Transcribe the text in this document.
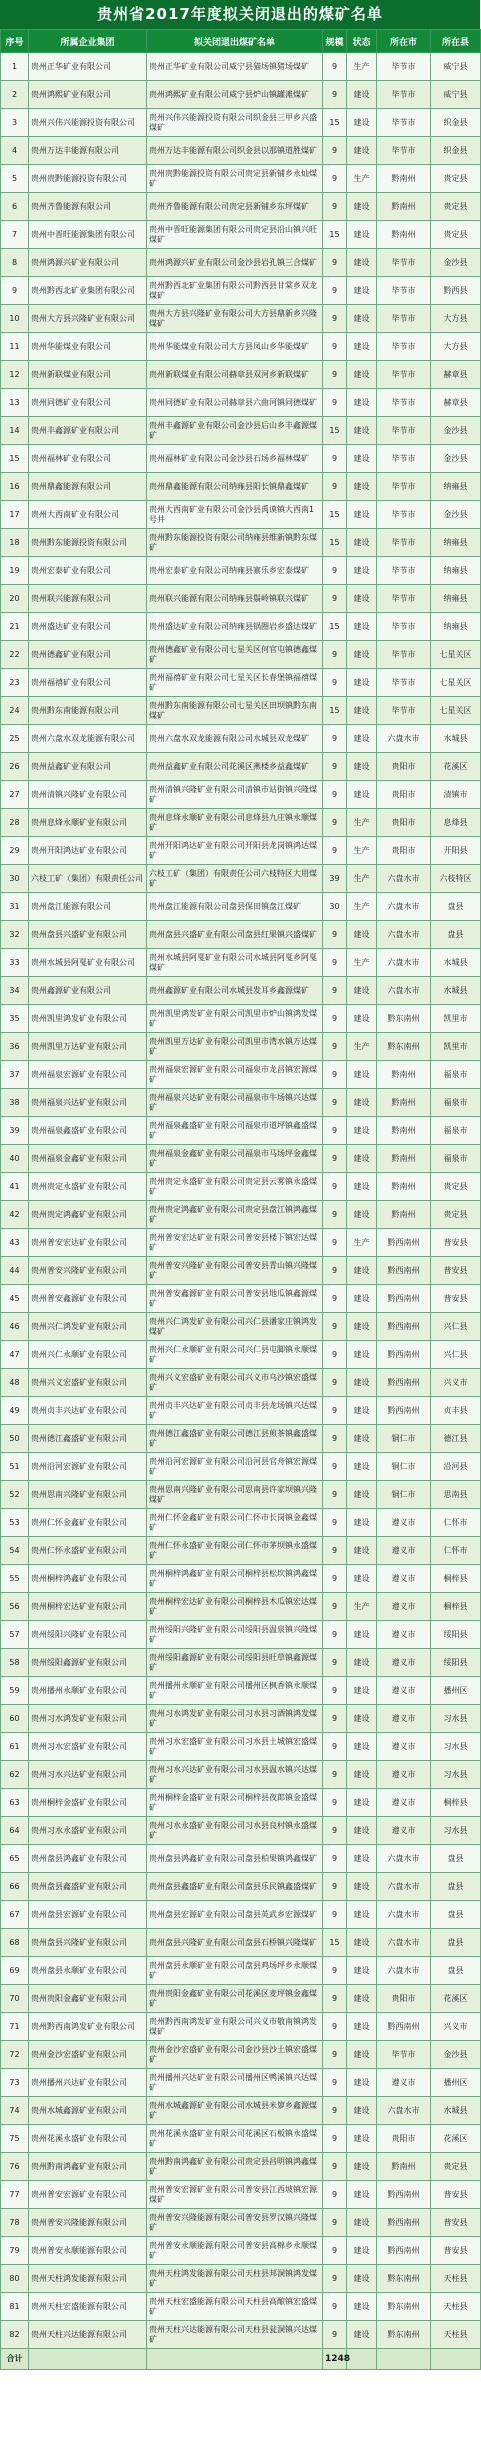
贵州省2017年度拟关闭退出的煤矿名单
序号	所属企业集团	拟关闭退出煤矿名单	规模	状态	所在市	所在县
1	贵州正华矿业有限公司	贵州正华矿业有限公司威宁县猫场镇猪场煤矿	9	生产	毕节市	威宁县
2	贵州鸿熙矿业有限公司	贵州鸿熙矿业有限公司威宁县炉山镇罐滩煤矿	9	建设	毕节市	威宁县
3	贵州兴伟兴能源投资有限公司	贵州兴伟兴能源投资有限公司织金县三甲乡兴盛煤矿	15	建设	毕节市	织金县
4	贵州万达丰能源有限公司	贵州万达丰能源有限公司织金县以那镇道胜煤矿	9	建设	毕节市	织金县
5	贵州贵黔能源投资有限公司	贵州贵黔能源投资有限公司贵定县新铺乡永灿煤矿	9	生产	黔南州	贵定县
6	贵州齐鲁能源有限公司	贵州齐鲁能源有限公司贵定县新铺乡东坪煤矿	9	建设	黔南州	贵定县
7	贵州中晋旺能源集团有限公司	贵州中晋旺能源集团有限公司贵定县沿山镇兴旺煤矿	15	建设	黔南州	贵定县
8	贵州鸿源兴矿业有限公司	贵州鸿源兴矿业有限公司金沙县岩孔镇三合煤矿	9	建设	毕节市	金沙县
9	贵州黔西北矿业集团有限公司	贵州黔西北矿业集团有限公司黔西县甘棠乡双龙煤矿	9	建设	毕节市	黔西县
10	贵州大方县兴隆矿业有限公司	贵州大方县兴隆矿业有限公司大方县鼎新乡兴隆煤矿	9	建设	毕节市	大方县
11	贵州华能煤业有限公司	贵州华能煤业有限公司大方县凤山乡华能煤矿	9	建设	毕节市	大方县
12	贵州新联煤业有限公司	贵州新联煤业有限公司赫章县双河乡新联煤矿	9	建设	毕节市	赫章县
13	贵州同德矿业有限公司	贵州同德矿业有限公司赫章县六曲河镇同德煤矿	9	建设	毕节市	赫章县
14	贵州丰鑫源矿业有限公司	贵州丰鑫源矿业有限公司金沙县后山乡丰鑫源煤矿	15	建设	毕节市	金沙县
15	贵州福林矿业有限公司	贵州福林矿业有限公司金沙县石场乡福林煤矿	9	建设	毕节市	金沙县
16	贵州鼎鑫能源有限公司	贵州鼎鑫能源有限公司纳雍县阳长镇鼎鑫煤矿	9	建设	毕节市	纳雍县
17	贵州大西南矿业有限公司	贵州大西南矿业有限公司金沙县禹谟镇大西南1号井	15	建设	毕节市	金沙县
18	贵州黔东能源投资有限公司	贵州黔东能源投资有限公司纳雍县维新镇黔东煤矿	15	建设	毕节市	纳雍县
19	贵州宏泰矿业有限公司	贵州宏泰矿业有限公司纳雍县寨乐乡宏泰煤矿	9	建设	毕节市	纳雍县
20	贵州联兴能源有限公司	贵州联兴能源有限公司纳雍县鬃岭镇联兴煤矿	9	建设	毕节市	纳雍县
21	贵州盛达矿业有限公司	贵州盛达矿业有限公司纳雍县锅圈岩乡盛达煤矿	15	建设	毕节市	纳雍县
22	贵州德鑫矿业有限公司	贵州德鑫矿业有限公司七星关区何官屯镇德鑫煤矿	9	建设	毕节市	七星关区
23	贵州福禧矿业有限公司	贵州福禧矿业有限公司七星关区长春堡镇福禧煤矿	9	建设	毕节市	七星关区
24	贵州黔东南能源有限公司	贵州黔东南能源有限公司七星关区田坝镇黔东南煤矿	15	建设	毕节市	七星关区
25	贵州六盘水双龙能源有限公司	贵州六盘水双龙能源有限公司水城县双龙煤矿	9	建设	六盘水市	水城县
26	贵州益鑫矿业有限公司	贵州益鑫矿业有限公司花溪区燕楼乡益鑫煤矿	9	建设	贵阳市	花溪区
27	贵州清镇兴隆矿业有限公司	贵州清镇兴隆矿业有限公司清镇市站街镇兴隆煤矿	9	建设	贵阳市	清镇市
28	贵州息烽永顺矿业有限公司	贵州息烽永顺矿业有限公司息烽县九庄镇永顺煤矿	9	生产	贵阳市	息烽县
29	贵州开阳鸿达矿业有限公司	贵州开阳鸿达矿业有限公司开阳县龙岗镇鸿达煤矿	9	生产	贵阳市	开阳县
30	六枝工矿（集团）有限责任公司	六枝工矿（集团）有限责任公司六枝特区大用煤矿	39	生产	六盘水市	六枝特区
31	贵州盘江能源有限公司	贵州盘江能源有限公司盘县保田镇盘江煤矿	30	生产	六盘水市	盘县
32	贵州盘县兴盛矿业有限公司	贵州盘县兴盛矿业有限公司盘县红果镇兴盛煤矿	9	建设	六盘水市	盘县
33	贵州水城县阿戛矿业有限公司	贵州水城县阿戛矿业有限公司水城县阿戛乡阿戛煤矿	9	生产	六盘水市	水城县
34	贵州鑫源矿业有限公司	贵州鑫源矿业有限公司水城县发耳乡鑫源煤矿	9	建设	六盘水市	水城县
35	贵州凯里鸿发矿业有限公司	贵州凯里鸿发矿业有限公司凯里市炉山镇鸿发煤矿	9	建设	黔东南州	凯里市
36	贵州凯里万达矿业有限公司	贵州凯里万达矿业有限公司凯里市湾水镇万达煤矿	9	生产	黔东南州	凯里市
37	贵州福泉宏源矿业有限公司	贵州福泉宏源矿业有限公司福泉市龙昌镇宏源煤矿	9	建设	黔南州	福泉市
38	贵州福泉兴达矿业有限公司	贵州福泉兴达矿业有限公司福泉市牛场镇兴达煤矿	9	建设	黔南州	福泉市
39	贵州福泉鑫盛矿业有限公司	贵州福泉鑫盛矿业有限公司福泉市道坪镇鑫盛煤矿	9	建设	黔南州	福泉市
40	贵州福泉金鑫矿业有限公司	贵州福泉金鑫矿业有限公司福泉市马场坪金鑫煤矿	9	建设	黔南州	福泉市
41	贵州贵定永盛矿业有限公司	贵州贵定永盛矿业有限公司贵定县云雾镇永盛煤矿	9	建设	黔南州	贵定县
42	贵州贵定鸿鑫矿业有限公司	贵州贵定鸿鑫矿业有限公司贵定县盘江镇鸿鑫煤矿	9	建设	黔南州	贵定县
43	贵州普安宏达矿业有限公司	贵州普安宏达矿业有限公司普安县楼下镇宏达煤矿	9	生产	黔西南州	普安县
44	贵州普安兴隆矿业有限公司	贵州普安兴隆矿业有限公司普安县青山镇兴隆煤矿	9	建设	黔西南州	普安县
45	贵州普安鑫源矿业有限公司	贵州普安鑫源矿业有限公司普安县地瓜镇鑫源煤矿	9	建设	黔西南州	普安县
46	贵州兴仁鸿发矿业有限公司	贵州兴仁鸿发矿业有限公司兴仁县潘家庄镇鸿发煤矿	9	建设	黔西南州	兴仁县
47	贵州兴仁永顺矿业有限公司	贵州兴仁永顺矿业有限公司兴仁县屯脚镇永顺煤矿	9	建设	黔西南州	兴仁县
48	贵州兴义宏盛矿业有限公司	贵州兴义宏盛矿业有限公司兴义市乌沙镇宏盛煤矿	9	建设	黔西南州	兴义市
49	贵州贞丰兴达矿业有限公司	贵州贞丰兴达矿业有限公司贞丰县龙场镇兴达煤矿	9	建设	黔西南州	贞丰县
50	贵州德江鑫盛矿业有限公司	贵州德江鑫盛矿业有限公司德江县煎茶镇鑫盛煤矿	9	建设	铜仁市	德江县
51	贵州沿河宏源矿业有限公司	贵州沿河宏源矿业有限公司沿河县官舟镇宏源煤矿	9	建设	铜仁市	沿河县
52	贵州思南兴隆矿业有限公司	贵州思南兴隆矿业有限公司思南县许家坝镇兴隆煤矿	9	建设	铜仁市	思南县
53	贵州仁怀金鑫矿业有限公司	贵州仁怀金鑫矿业有限公司仁怀市长岗镇金鑫煤矿	9	建设	遵义市	仁怀市
54	贵州仁怀永盛矿业有限公司	贵州仁怀永盛矿业有限公司仁怀市茅坝镇永盛煤矿	9	建设	遵义市	仁怀市
55	贵州桐梓鸿鑫矿业有限公司	贵州桐梓鸿鑫矿业有限公司桐梓县松坎镇鸿鑫煤矿	9	建设	遵义市	桐梓县
56	贵州桐梓宏达矿业有限公司	贵州桐梓宏达矿业有限公司桐梓县木瓜镇宏达煤矿	9	生产	遵义市	桐梓县
57	贵州绥阳兴隆矿业有限公司	贵州绥阳兴隆矿业有限公司绥阳县温泉镇兴隆煤矿	9	建设	遵义市	绥阳县
58	贵州绥阳鑫源矿业有限公司	贵州绥阳鑫源矿业有限公司绥阳县旺草镇鑫源煤矿	9	建设	遵义市	绥阳县
59	贵州播州永顺矿业有限公司	贵州播州永顺矿业有限公司播州区枫香镇永顺煤矿	9	建设	遵义市	播州区
60	贵州习水鸿发矿业有限公司	贵州习水鸿发矿业有限公司习水县习酒镇鸿发煤矿	9	建设	遵义市	习水县
61	贵州习水宏盛矿业有限公司	贵州习水宏盛矿业有限公司习水县土城镇宏盛煤矿	9	建设	遵义市	习水县
62	贵州习水兴达矿业有限公司	贵州习水兴达矿业有限公司习水县温水镇兴达煤矿	9	建设	遵义市	习水县
63	贵州桐梓金盛矿业有限公司	贵州桐梓金盛矿业有限公司桐梓县夜郎镇金盛煤矿	9	建设	遵义市	桐梓县
64	贵州习水永盛矿业有限公司	贵州习水永盛矿业有限公司习水县良村镇永盛煤矿	9	建设	遵义市	习水县
65	贵州盘县鸿鑫矿业有限公司	贵州盘县鸿鑫矿业有限公司盘县柏果镇鸿鑫煤矿	9	建设	六盘水市	盘县
66	贵州盘县鑫盛矿业有限公司	贵州盘县鑫盛矿业有限公司盘县乐民镇鑫盛煤矿	9	建设	六盘水市	盘县
67	贵州盘县宏源矿业有限公司	贵州盘县宏源矿业有限公司盘县英武乡宏源煤矿	9	建设	六盘水市	盘县
68	贵州盘县兴隆矿业有限公司	贵州盘县兴隆矿业有限公司盘县石桥镇兴隆煤矿	15	建设	六盘水市	盘县
69	贵州盘县永顺矿业有限公司	贵州盘县永顺矿业有限公司盘县鸡场坪乡永顺煤矿	9	建设	六盘水市	盘县
70	贵州贵阳金鑫矿业有限公司	贵州贵阳金鑫矿业有限公司花溪区麦坪镇金鑫煤矿	9	建设	贵阳市	花溪区
71	贵州黔西南鸿发矿业有限公司	贵州黔西南鸿发矿业有限公司兴义市敬南镇鸿发煤矿	9	建设	黔西南州	兴义市
72	贵州金沙宏盛矿业有限公司	贵州金沙宏盛矿业有限公司金沙县沙土镇宏盛煤矿	9	建设	毕节市	金沙县
73	贵州播州兴达矿业有限公司	贵州播州兴达矿业有限公司播州区鸭溪镇兴达煤矿	9	建设	遵义市	播州区
74	贵州水城鑫源矿业有限公司	贵州水城鑫源矿业有限公司水城县米箩乡鑫源煤矿	9	建设	六盘水市	水城县
75	贵州花溪永盛矿业有限公司	贵州花溪永盛矿业有限公司花溪区石板镇永盛煤矿	9	建设	贵阳市	花溪区
76	贵州黔南鸿鑫矿业有限公司	贵州黔南鸿鑫矿业有限公司贵定县昌明镇鸿鑫煤矿	9	建设	黔南州	贵定县
77	贵州普安宏源矿业有限公司	贵州普安宏源矿业有限公司普安县江西坡镇宏源煤矿	9	建设	黔西南州	普安县
78	贵州普安兴隆能源有限公司	贵州普安兴隆能源有限公司普安县罗汉镇兴隆煤矿	9	建设	黔西南州	普安县
79	贵州普安永顺能源有限公司	贵州普安永顺能源有限公司普安县高棉乡永顺煤矿	9	建设	黔西南州	普安县
80	贵州天柱鸿发能源有限公司	贵州天柱鸿发能源有限公司天柱县邦洞镇鸿发煤矿	9	建设	黔东南州	天柱县
81	贵州天柱宏盛能源有限公司	贵州天柱宏盛能源有限公司天柱县高酿镇宏盛煤矿	9	建设	黔东南州	天柱县
82	贵州天柱兴达能源有限公司	贵州天柱兴达能源有限公司天柱县瓮洞镇兴达煤矿	9	建设	黔东南州	天柱县
合计			1248			
